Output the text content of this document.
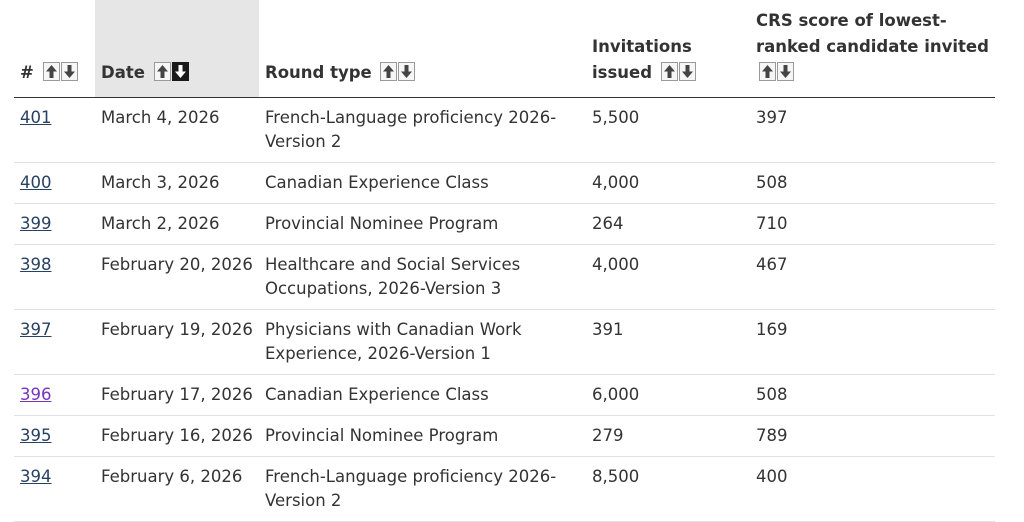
#	Date	Round type	Invitations issued	CRS score of lowest-ranked candidate invited

401	March 4, 2026	French-Language proficiency 2026-Version 2	5,500	397
400	March 3, 2026	Canadian Experience Class	4,000	508
399	March 2, 2026	Provincial Nominee Program	264	710
398	February 20, 2026	Healthcare and Social Services Occupations, 2026-Version 3	4,000	467
397	February 19, 2026	Physicians with Canadian Work Experience, 2026-Version 1	391	169
396	February 17, 2026	Canadian Experience Class	6,000	508
395	February 16, 2026	Provincial Nominee Program	279	789
394	February 6, 2026	French-Language proficiency 2026-Version 2	8,500	400
